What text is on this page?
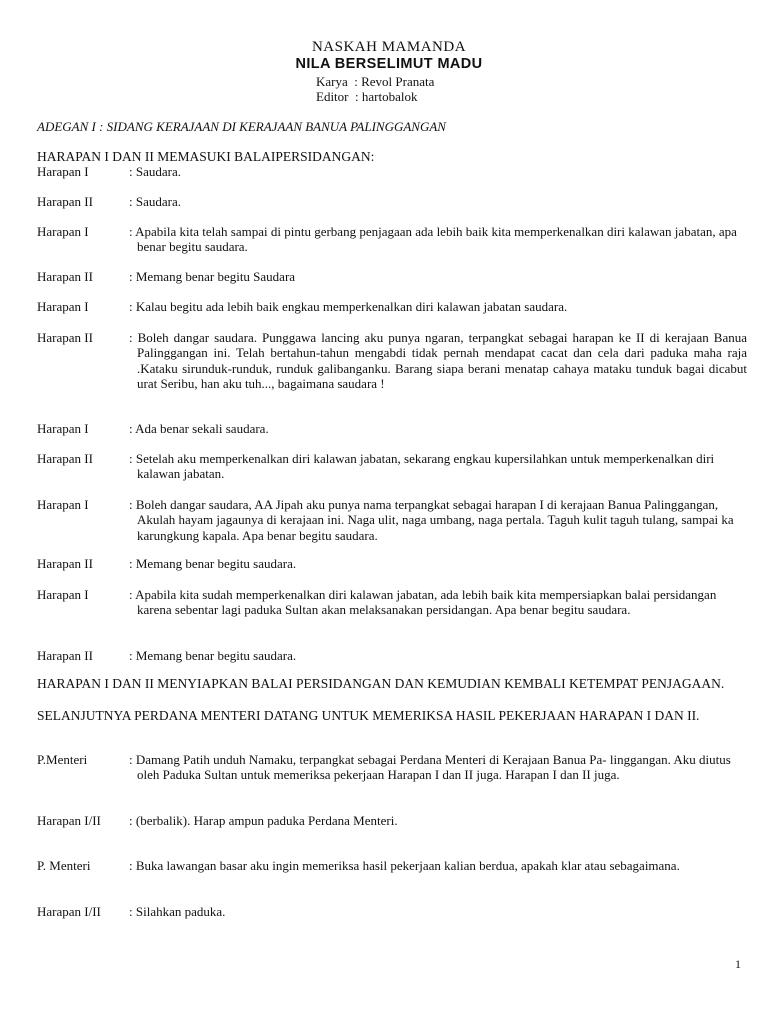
NASKAH MAMANDA
NILA BERSELIMUT MADU
Karya  : Revol Pranata
Editor  : hartobalok
ADEGAN I : SIDANG KERAJAAN DI KERAJAAN BANUA PALINGGANGAN
HARAPAN I DAN II MEMASUKI BALAIPERSIDANGAN:
Harapan I	: Saudara.
Harapan II	: Saudara.
Harapan I	: Apabila kita telah sampai di pintu gerbang penjagaan ada lebih baik kita memperkenalkan diri kalawan jabatan, apa benar begitu saudara.
Harapan II	: Memang benar begitu Saudara
Harapan I	: Kalau begitu ada lebih baik engkau memperkenalkan diri kalawan jabatan saudara.
Harapan II	: Boleh dangar saudara. Punggawa lancing aku punya ngaran, terpangkat sebagai harapan ke II di kerajaan Banua Palinggangan ini. Telah bertahun-tahun mengabdi tidak pernah mendapat cacat dan cela dari paduka maha raja .Kataku sirunduk-runduk, runduk galibanganku. Barang siapa berani menatap cahaya mataku tunduk bagai dicabut urat Seribu, han aku tuh..., bagaimana saudara !
Harapan I	: Ada benar sekali saudara.
Harapan II	: Setelah aku memperkenalkan diri kalawan jabatan, sekarang engkau kupersilahkan untuk memperkenalkan diri kalawan jabatan.
Harapan I	: Boleh dangar saudara, AA Jipah aku punya nama terpangkat sebagai harapan I di kerajaan Banua Palinggangan, Akulah hayam jagaunya di kerajaan ini. Naga ulit, naga umbang, naga pertala. Taguh kulit taguh tulang, sampai ka karungkung kapala. Apa benar begitu saudara.
Harapan II	: Memang benar begitu saudara.
Harapan I	: Apabila kita sudah memperkenalkan diri kalawan jabatan, ada lebih baik kita mempersiapkan balai persidangan karena sebentar lagi paduka Sultan akan melaksanakan persidangan. Apa benar begitu saudara.
Harapan II	: Memang benar begitu saudara.
HARAPAN I DAN II MENYIAPKAN BALAI PERSIDANGAN DAN KEMUDIAN KEMBALI KETEMPAT PENJAGAAN.
SELANJUTNYA PERDANA MENTERI DATANG UNTUK MEMERIKSA HASIL PEKERJAAN HARAPAN I DAN II.
P.Menteri	: Damang Patih unduh Namaku, terpangkat sebagai Perdana Menteri di Kerajaan Banua Pa- linggangan. Aku diutus oleh Paduka Sultan untuk memeriksa pekerjaan Harapan I dan II juga. Harapan I dan II juga.
Harapan I/II : (berbalik). Harap ampun paduka Perdana Menteri.
P. Menteri	: Buka lawangan basar aku ingin memeriksa hasil pekerjaan kalian berdua, apakah klar atau sebagaimana.
Harapan I/II : Silahkan paduka.
1
